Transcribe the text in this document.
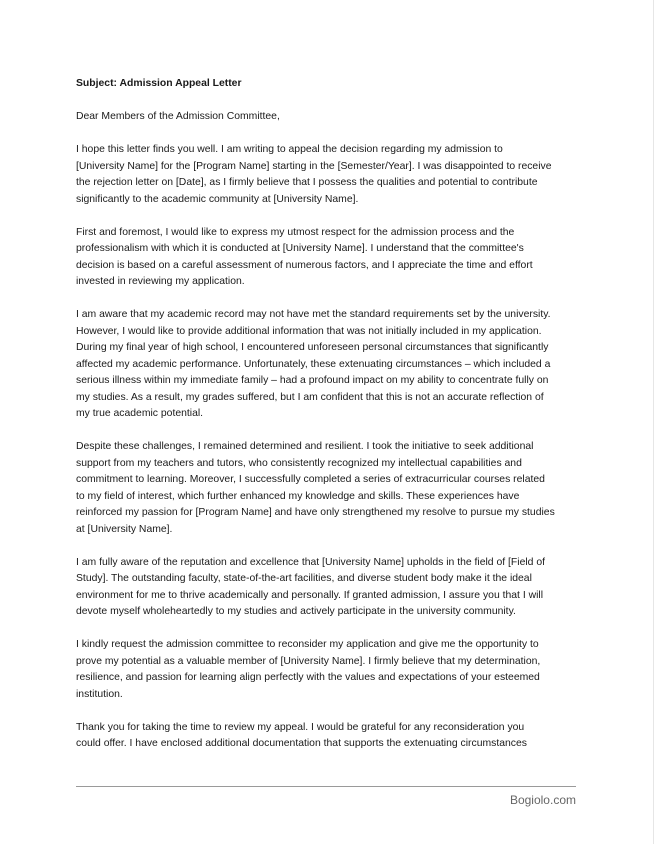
Subject: Admission Appeal Letter
Dear Members of the Admission Committee,
I hope this letter finds you well. I am writing to appeal the decision regarding my admission to
[University Name] for the [Program Name] starting in the [Semester/Year]. I was disappointed to receive
the rejection letter on [Date], as I firmly believe that I possess the qualities and potential to contribute
significantly to the academic community at [University Name].
First and foremost, I would like to express my utmost respect for the admission process and the
professionalism with which it is conducted at [University Name]. I understand that the committee's
decision is based on a careful assessment of numerous factors, and I appreciate the time and effort
invested in reviewing my application.
I am aware that my academic record may not have met the standard requirements set by the university.
However, I would like to provide additional information that was not initially included in my application.
During my final year of high school, I encountered unforeseen personal circumstances that significantly
affected my academic performance. Unfortunately, these extenuating circumstances – which included a
serious illness within my immediate family – had a profound impact on my ability to concentrate fully on
my studies. As a result, my grades suffered, but I am confident that this is not an accurate reflection of
my true academic potential.
Despite these challenges, I remained determined and resilient. I took the initiative to seek additional
support from my teachers and tutors, who consistently recognized my intellectual capabilities and
commitment to learning. Moreover, I successfully completed a series of extracurricular courses related
to my field of interest, which further enhanced my knowledge and skills. These experiences have
reinforced my passion for [Program Name] and have only strengthened my resolve to pursue my studies
at [University Name].
I am fully aware of the reputation and excellence that [University Name] upholds in the field of [Field of
Study]. The outstanding faculty, state-of-the-art facilities, and diverse student body make it the ideal
environment for me to thrive academically and personally. If granted admission, I assure you that I will
devote myself wholeheartedly to my studies and actively participate in the university community.
I kindly request the admission committee to reconsider my application and give me the opportunity to
prove my potential as a valuable member of [University Name]. I firmly believe that my determination,
resilience, and passion for learning align perfectly with the values and expectations of your esteemed
institution.
Thank you for taking the time to review my appeal. I would be grateful for any reconsideration you
could offer. I have enclosed additional documentation that supports the extenuating circumstances
Bogiolo.com
